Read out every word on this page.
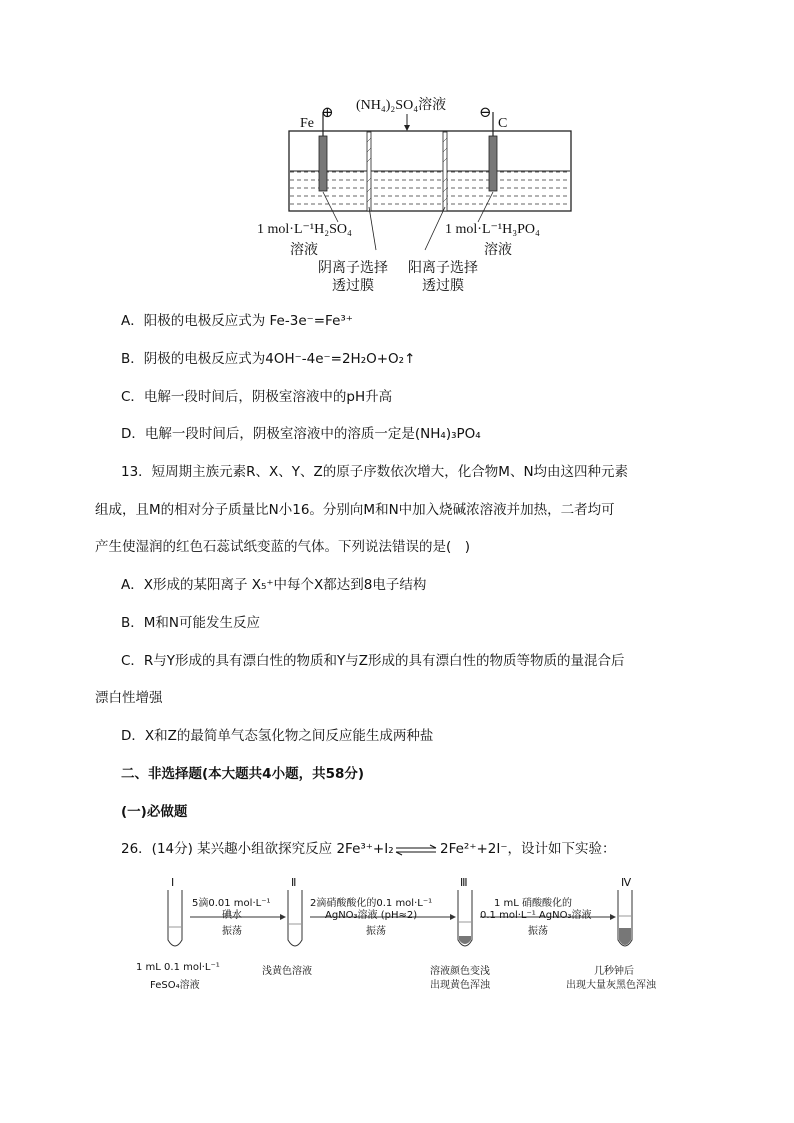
(NH₄)₂SO₄溶液
Fe
⊕	⊖
C
1 mol·L⁻¹H₂SO₄
溶液
1 mol·L⁻¹H₃PO₄
溶液
阴离子选择
透过膜
阳离子选择
透过膜
A．阳极的电极反应式为 Fe-3e⁻=Fe³⁺
B．阴极的电极反应式为4OH⁻-4e⁻=2H₂O+O₂↑
C．电解一段时间后，阴极室溶液中的pH升高
D．电解一段时间后，阴极室溶液中的溶质一定是(NH₄)₃PO₄
13．短周期主族元素R、X、Y、Z的原子序数依次增大，化合物M、N均由这四种元素
组成，且M的相对分子质量比N小16。分别向M和N中加入烧碱浓溶液并加热，二者均可
产生使湿润的红色石蕊试纸变蓝的气体。下列说法错误的是(　)
A．X形成的某阳离子 X₅⁺中每个X都达到8电子结构
B．M和N可能发生反应
C．R与Y形成的具有漂白性的物质和Y与Z形成的具有漂白性的物质等物质的量混合后
漂白性增强
D．X和Z的最简单气态氢化物之间反应能生成两种盐
二、非选择题(本大题共4小题，共58分)
(一)必做题
26．(14分) 某兴趣小组欲探究反应 2Fe³⁺+I₂ ⇌ 2Fe²⁺+2I⁻，设计如下实验：
Ⅰ	Ⅱ	Ⅲ	Ⅳ
5滴0.01 mol·L⁻¹
碘水
振荡
2滴硝酸酸化的0.1 mol·L⁻¹
AgNO₃溶液 (pH≈2)
振荡
1 mL 硝酸酸化的
0.1 mol·L⁻¹ AgNO₃溶液
振荡
1 mL 0.1 mol·L⁻¹
FeSO₄溶液
浅黄色溶液	溶液颜色变浅
出现黄色浑浊
几秒钟后
出现大量灰黑色浑浊
